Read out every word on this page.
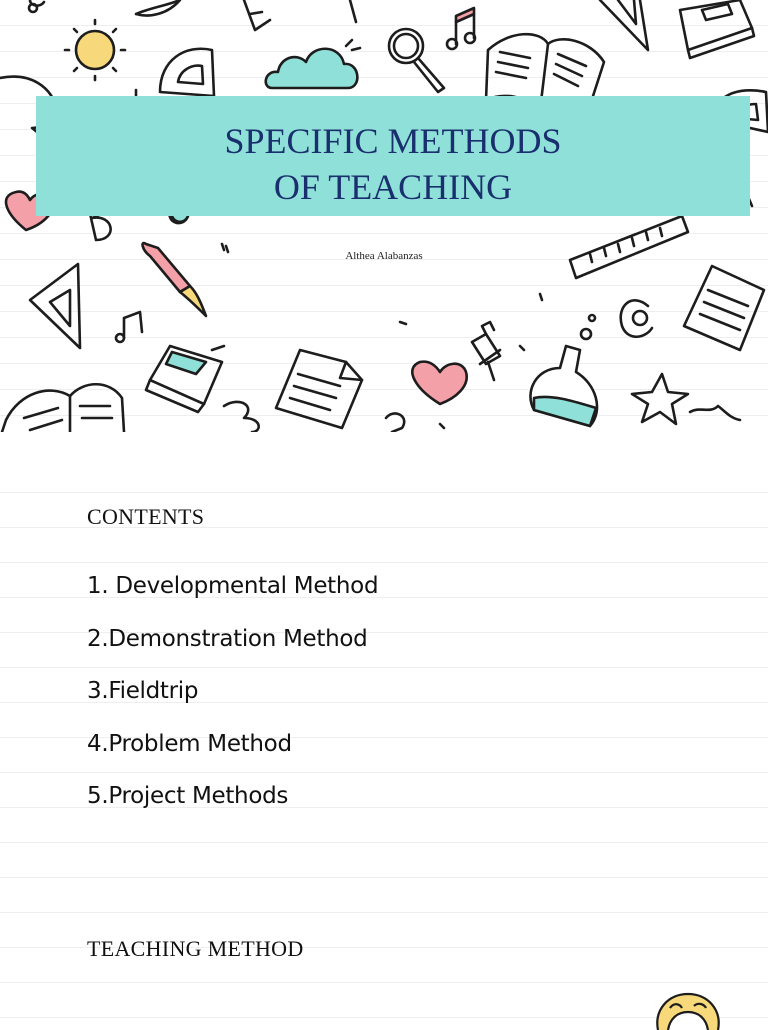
SPECIFIC METHODS
OF TEACHING

Althea Alabanzas

CONTENTS
1. Developmental Method
2.Demonstration Method
3.Fieldtrip
4.Problem Method
5.Project Methods
TEACHING METHOD
